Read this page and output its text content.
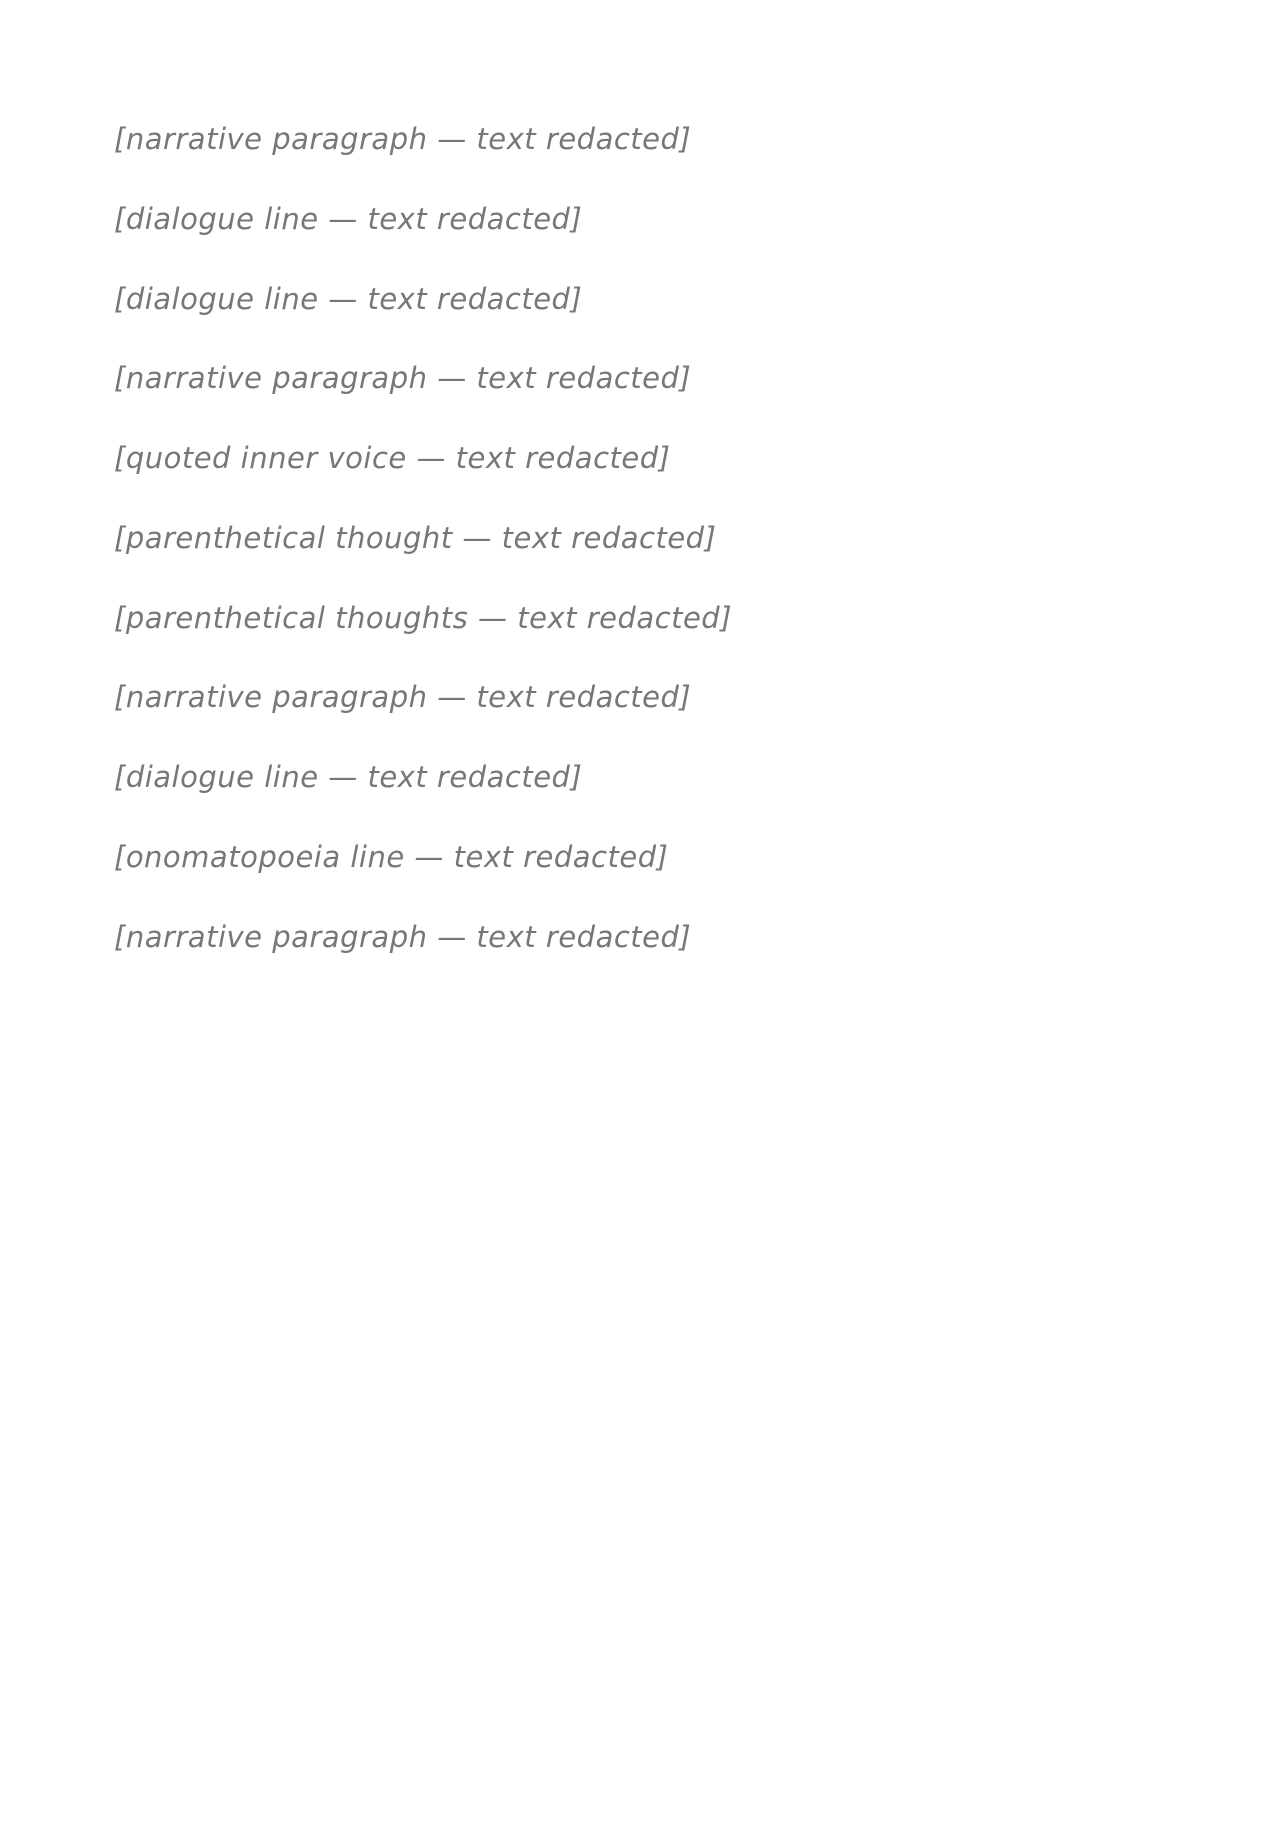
[narrative paragraph — text redacted]

[dialogue line — text redacted]

[dialogue line — text redacted]

[narrative paragraph — text redacted]

[quoted inner voice — text redacted]

[parenthetical thought — text redacted]

[parenthetical thoughts — text redacted]

[narrative paragraph — text redacted]

[dialogue line — text redacted]

[onomatopoeia line — text redacted]

[narrative paragraph — text redacted]
